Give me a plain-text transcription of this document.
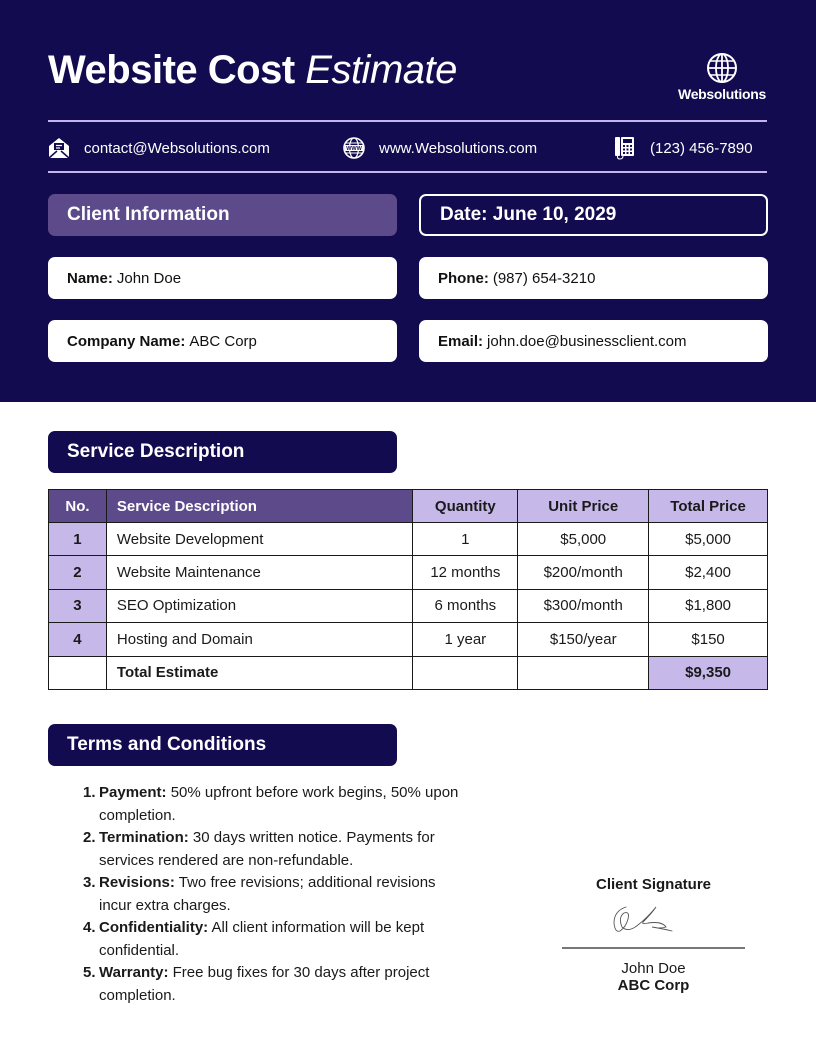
Website Cost Estimate
Websolutions
contact@Websolutions.com	WWW www.Websolutions.com	(123) 456-7890
Client Information	Date: June 10, 2029
Name: John Doe	Phone: (987) 654-3210
Company Name: ABC Corp	Email: john.doe@businessclient.com
Service Description
No.	Service Description	Quantity	Unit Price	Total Price
1	Website Development	1	$5,000	$5,000
2	Website Maintenance	12 months	$200/month	$2,400
3	SEO Optimization	6 months	$300/month	$1,800
4	Hosting and Domain	1 year	$150/year	$150
	Total Estimate			$9,350
Terms and Conditions
1. Payment: 50% upfront before work begins, 50% upon completion.
2. Termination: 30 days written notice. Payments for services rendered are non-refundable.
3. Revisions: Two free revisions; additional revisions incur extra charges.
4. Confidentiality: All client information will be kept confidential.
5. Warranty: Free bug fixes for 30 days after project completion.
Client Signature
John Doe
ABC Corp
